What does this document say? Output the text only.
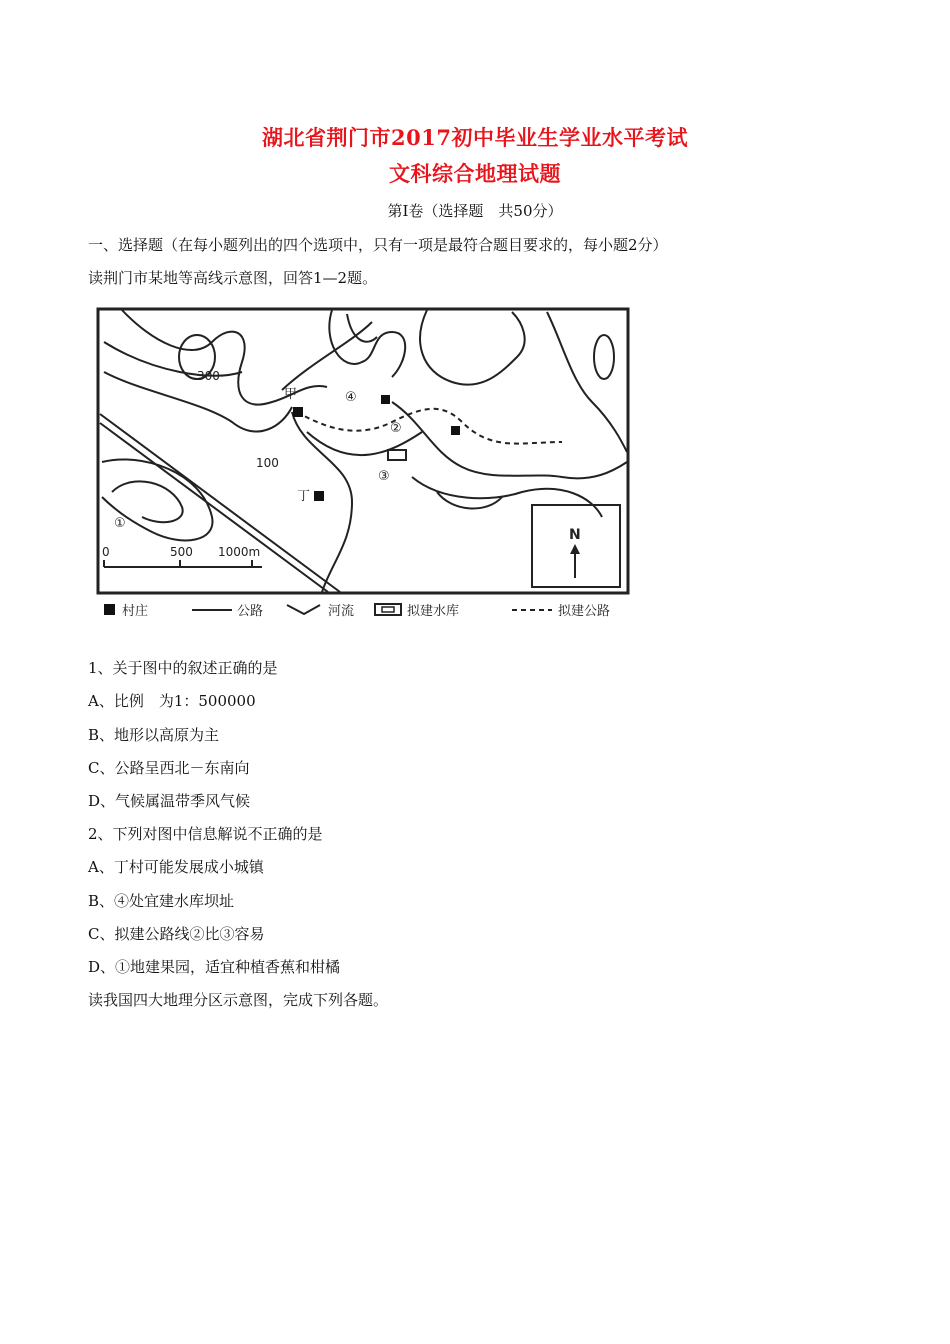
湖北省荆门市2017初中毕业生学业水平考试
文科综合地理试题
第Ⅰ卷（选择题　共50分）
一、选择题（在每小题列出的四个选项中，只有一项是最符合题目要求的，每小题2分）
读荆门市某地等高线示意图，回答1—2题。
300
100
甲
丁
①
②
③
④
N
0	500 1000m
村庄	公路	河流	拟建水库	拟建公路
1、关于图中的叙述正确的是
A、比例　为1：500000
B、地形以高原为主
C、公路呈西北－东南向
D、气候属温带季风气候
2、下列对图中信息解说不正确的是
A、丁村可能发展成小城镇
B、④处宜建水库坝址
C、拟建公路线②比③容易
D、①地建果园，适宜种植香蕉和柑橘
读我国四大地理分区示意图，完成下列各题。
